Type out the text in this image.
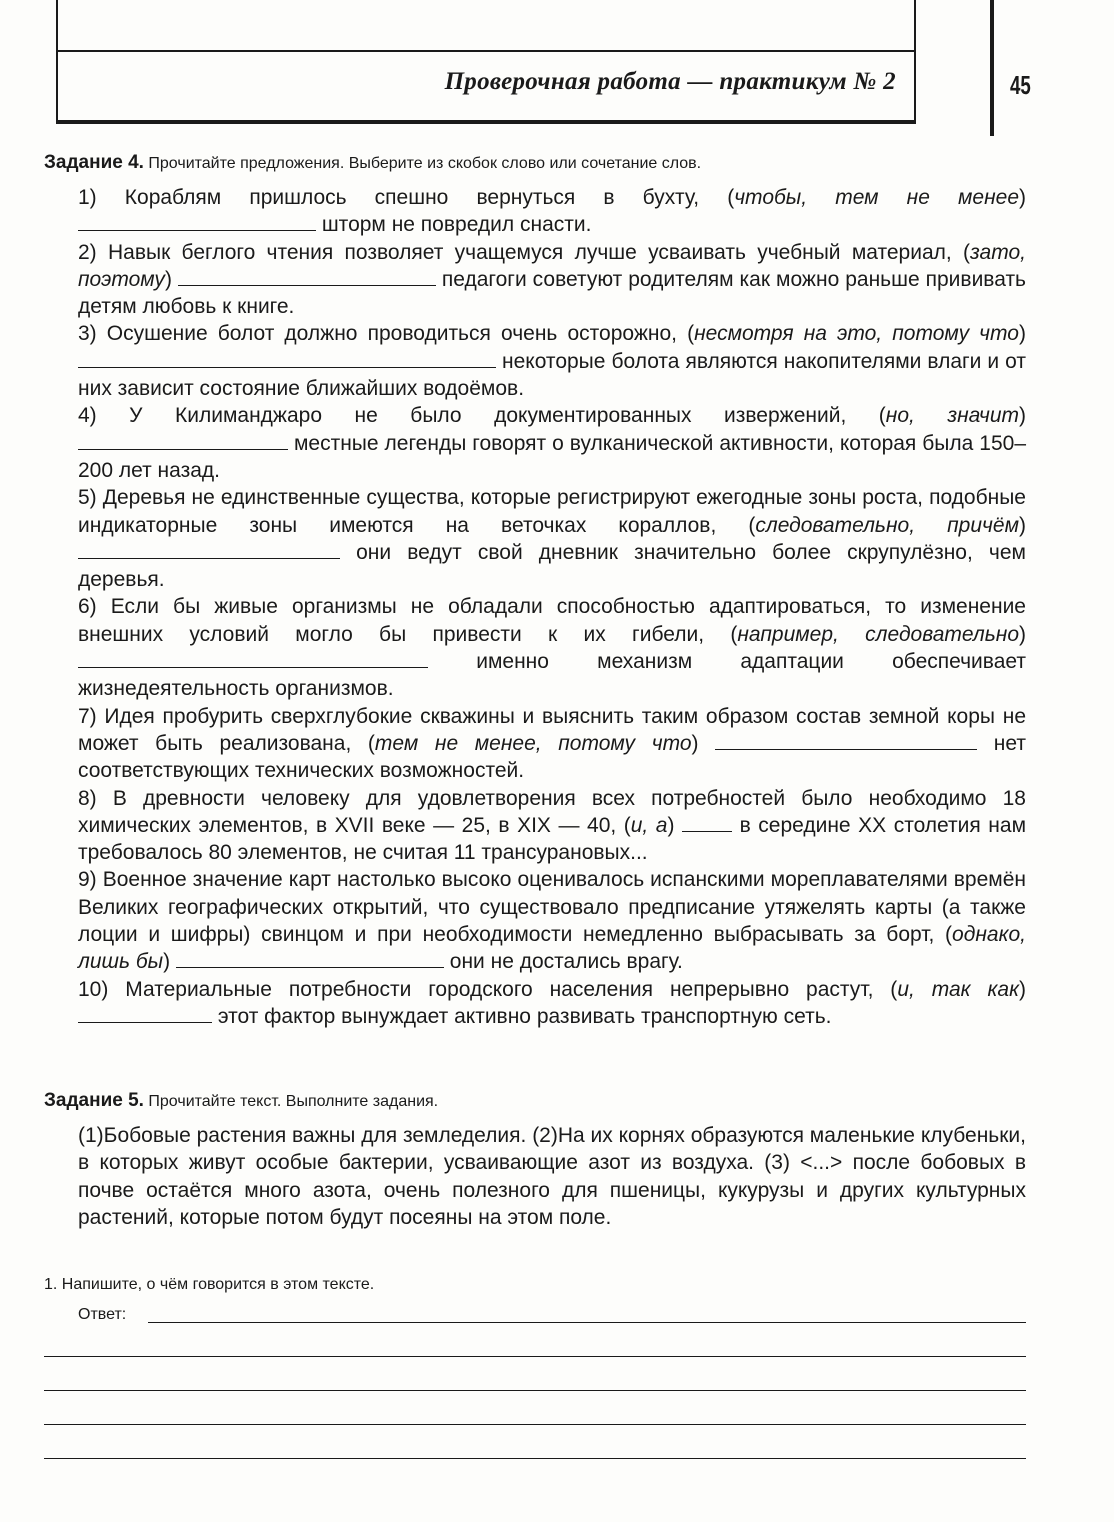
Проверочная работа — практикум № 2	45
Задание 4. Прочитайте предложения. Выберите из скобок слово или сочетание слов.

1) Кораблям пришлось спешно вернуться в бухту, (чтобы, тем не менее)  шторм не повредил снасти.

2) Навык беглого чтения позволяет учащемуся лучше усваивать учебный материал, (зато, поэтому)	педагоги советуют родителям как можно раньше прививать детям любовь к книге.

3) Осушение болот должно проводиться очень осторожно, (несмотря на это, потому что)  некоторые болота являются накопителями влаги и от них зависит состояние ближайших водоёмов.

4) У Килиманджаро не было документированных извержений, (но, значит)  местные легенды говорят о вулканической активности, которая была 150–200 лет назад.

5) Деревья не единственные существа, которые регистрируют ежегодные зоны роста, подобные индикаторные зоны имеются на веточках кораллов, (следовательно, причём)  они ведут свой дневник значительно более скрупулёзно, чем деревья.

6) Если бы живые организмы не обладали способностью адаптироваться, то изменение внешних условий могло бы привести к их гибели, (например, следовательно)  именно механизм адаптации обеспечивает жизнедеятельность организмов.

7) Идея пробурить сверхглубокие скважины и выяснить таким образом состав земной коры не может быть реализована, (тем не менее, потому что)	нет соответствующих технических возможностей.

8) В древности человеку для удовлетворения всех потребностей было необходимо 18 химических элементов, в XVII веке — 25, в XIX — 40, (и, а)  в середине XX столетия нам требовалось 80 элементов, не считая 11 трансурановых...

9) Военное значение карт настолько высоко оценивалось испанскими мореплавателями времён Великих географических открытий, что существовало предписание утяжелять карты (а также лоции и шифры) свинцом и при необходимости немедленно выбрасывать за борт, (однако, лишь бы)	они не достались врагу.

10) Материальные потребности городского населения непрерывно растут, (и, так как)  этот фактор вынуждает активно развивать транспортную сеть.

Задание 5. Прочитайте текст. Выполните задания.
(1)Бобовые растения важны для земледелия. (2)На их корнях образуются маленькие клубеньки, в которых живут особые бактерии, усваивающие азот из воздуха. (3) <...> после бобовых в почве остаётся много азота, очень полезного для пшеницы, кукурузы и других культурных растений, которые потом будут посеяны на этом поле.
1. Напишите, о чём говорится в этом тексте.
Ответ:
